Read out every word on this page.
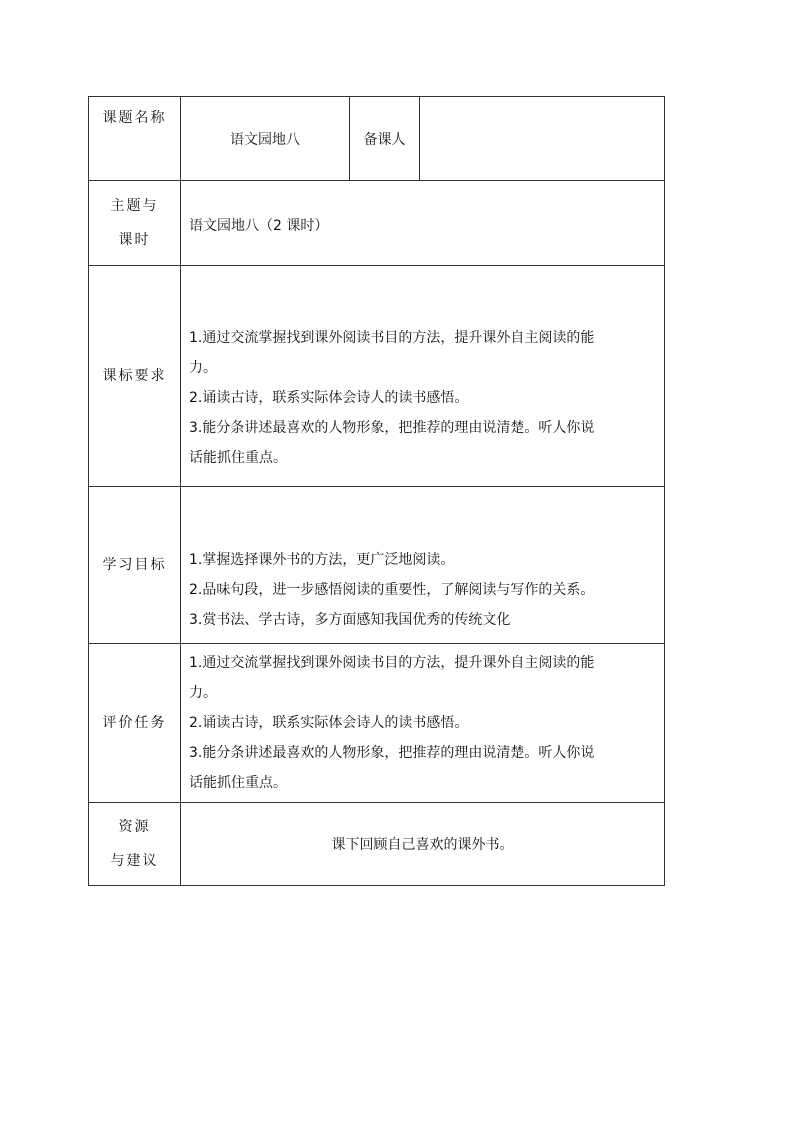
课题名称	语文园地八	备课人	

主题与
课时	语文园地八（2 课时）		
课标要求	1.通过交流掌握找到课外阅读书目的方法，提升课外自主阅读的能
力。
2.诵读古诗，联系实际体会诗人的读书感悟。
3.能分条讲述最喜欢的人物形象，把推荐的理由说清楚。听人你说
话能抓住重点。		

学习目标	1.掌握选择课外书的方法，更广泛地阅读。
2.品味句段，进一步感悟阅读的重要性，了解阅读与写作的关系。
3.赏书法、学古诗，多方面感知我国优秀的传统文化		

评价任务	1.通过交流掌握找到课外阅读书目的方法，提升课外自主阅读的能
力。
2.诵读古诗，联系实际体会诗人的读书感悟。
3.能分条讲述最喜欢的人物形象，把推荐的理由说清楚。听人你说
话能抓住重点。		

资源
与建议	课下回顾自己喜欢的课外书。		
